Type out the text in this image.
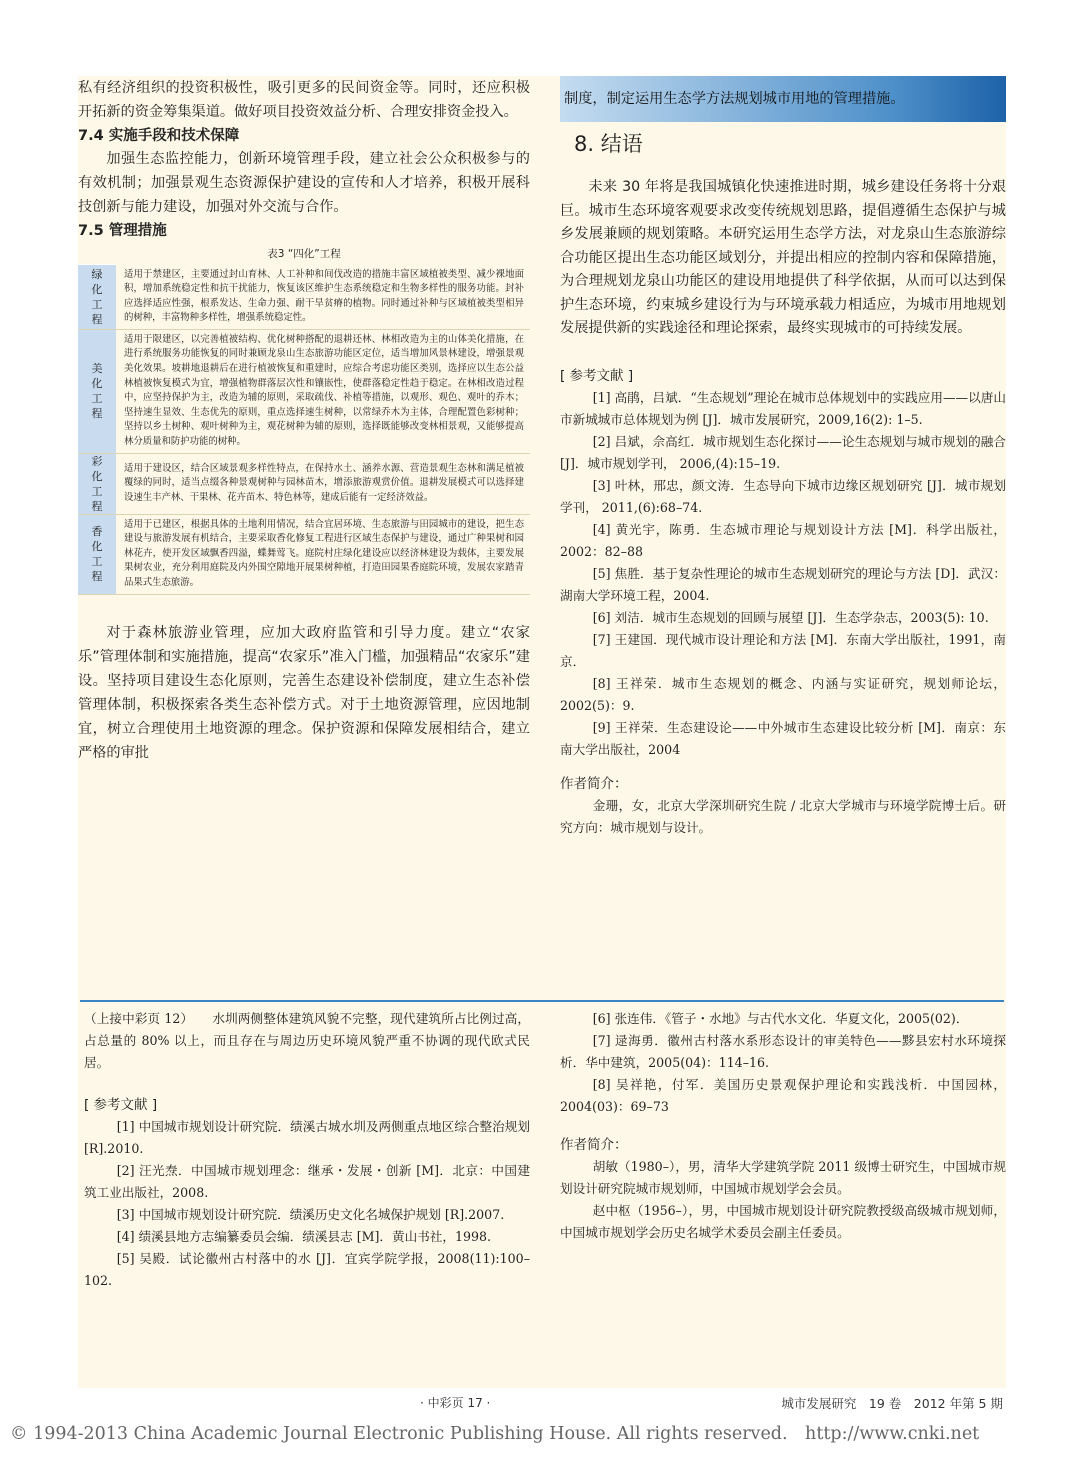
私有经济组织的投资积极性，吸引更多的民间资金等。同时，还应积极开拓新的资金筹集渠道。做好项目投资效益分析、合理安排资金投入。

7.4 实施手段和技术保障

加强生态监控能力，创新环境管理手段，建立社会公众积极参与的有效机制；加强景观生态资源保护建设的宣传和人才培养，积极开展科技创新与能力建设，加强对外交流与合作。

7.5 管理措施
表3 “四化”工程
绿化工程	适用于禁建区，主要通过封山育林、人工补种和间伐改造的措施丰富区域植被类型、减少裸地面积，增加系统稳定性和抗干扰能力，恢复该区维护生态系统稳定和生物多样性的服务功能。封补应选择适应性强，根系发达、生命力强、耐干旱贫瘠的植物。同时通过补种与区域植被类型相异的树种，丰富物种多样性，增强系统稳定性。

美化工程	适用于限建区，以完善植被结构、优化树种搭配的退耕还林、林相改造为主的山体美化措施，在进行系统服务功能恢复的同时兼顾龙泉山生态旅游功能区定位，适当增加风景林建设，增强景观美化效果。坡耕地退耕后在进行植被恢复和重建时，应综合考虑功能区类别，选择应以生态公益林植被恢复模式为宜，增强植物群落层次性和镶嵌性，使群落稳定性趋于稳定。在林相改造过程中，应坚持保护为主，改造为辅的原则，采取疏伐、补植等措施，以观形、观色、观叶的乔木；坚持速生显效、生态优先的原则，重点选择速生树种，以常绿乔木为主体，合理配置色彩树种；坚持以乡土树种、观叶树种为主，观花树种为辅的原则，选择既能够改变林相景观，又能够提高林分质量和防护功能的树种。

彩化工程	适用于建设区，结合区域景观多样性特点，在保持水土、涵养水源、营造景观生态林和满足植被覆绿的同时，适当点缀各种景观树种与园林苗木，增添旅游观赏价值。退耕发展模式可以选择建设速生丰产林、干果林、花卉苗木、特色林等，建成后能有一定经济效益。

香化工程	适用于已建区，根据具体的土地利用情况，结合宜居环境、生态旅游与田园城市的建设，把生态建设与旅游发展有机结合，主要采取香化修复工程进行区域生态保护与建设，通过广种果树和园林花卉，使开发区域飘香四溢，蝶舞莺飞。庭院村庄绿化建设应以经济林建设为载体，主要发展果树农业，充分利用庭院及内外围空隙地开展果树种植，打造田园果香庭院环境，发展农家踏青品果式生态旅游。

对于森林旅游业管理，应加大政府监管和引导力度。建立“农家乐”管理体制和实施措施，提高“农家乐”准入门槛，加强精品“农家乐”建设。坚持项目建设生态化原则，完善生态建设补偿制度，建立生态补偿管理体制，积极探索各类生态补偿方式。对于土地资源管理，应因地制宜，树立合理使用土地资源的理念。保护资源和保障发展相结合，建立严格的审批

制度，制定运用生态学方法规划城市用地的管理措施。
8. 结语

未来 30 年将是我国城镇化快速推进时期，城乡建设任务将十分艰巨。城市生态环境客观要求改变传统规划思路，提倡遵循生态保护与城乡发展兼顾的规划策略。本研究运用生态学方法，对龙泉山生态旅游综合功能区提出生态功能区域划分，并提出相应的控制内容和保障措施，为合理规划龙泉山功能区的建设用地提供了科学依据，从而可以达到保护生态环境，约束城乡建设行为与环境承载力相适应，为城市用地规划发展提供新的实践途径和理论探索，最终实现城市的可持续发展。

[ 参考文献 ]

[1] 高鹃，吕斌．“生态规划”理论在城市总体规划中的实践应用——以唐山市新城城市总体规划为例 [J]．城市发展研究，2009,16(2): 1–5.

[2] 吕斌，佘高红．城市规划生态化探讨——论生态规划与城市规划的融合 [J]．城市规划学刊， 2006,(4):15–19.

[3] 叶林，邢忠，颜文涛．生态导向下城市边缘区规划研究 [J]．城市规划学刊， 2011,(6):68–74.

[4] 黄光宇，陈勇．生态城市理论与规划设计方法 [M]．科学出版社，2002：82–88

[5] 焦胜．基于复杂性理论的城市生态规划研究的理论与方法 [D]．武汉：湖南大学环境工程，2004.

[6] 刘洁．城市生态规划的回顾与展望 [J]．生态学杂志，2003(5): 10.

[7] 王建国．现代城市设计理论和方法 [M]．东南大学出版社，1991，南京．

[8] 王祥荣．城市生态规划的概念、内涵与实证研究，规划师论坛，2002(5)：9.

[9] 王祥荣．生态建设论——中外城市生态建设比较分析 [M]．南京：东南大学出版社，2004

作者简介：

金珊，女，北京大学深圳研究生院 / 北京大学城市与环境学院博士后。研究方向：城市规划与设计。

（上接中彩页 12）　　水圳两侧整体建筑风貌不完整，现代建筑所占比例过高，占总量的 80% 以上，而且存在与周边历史环境风貌严重不协调的现代欧式民居。

[ 参考文献 ]

[1] 中国城市规划设计研究院．绩溪古城水圳及两侧重点地区综合整治规划 [R].2010.

[2] 汪光焘．中国城市规划理念：继承・发展・创新 [M]．北京：中国建筑工业出版社，2008.

[3] 中国城市规划设计研究院．绩溪历史文化名城保护规划 [R].2007.

[4] 绩溪县地方志编纂委员会编．绩溪县志 [M]．黄山书社，1998.

[5] 吴殿．试论徽州古村落中的水 [J]．宜宾学院学报，2008(11):100–102.

[6] 张连伟．《管子・水地》与古代水文化．华夏文化，2005(02)．

[7] 逯海勇．徽州古村落水系形态设计的审美特色——黟县宏村水环境探析．华中建筑，2005(04)：114–16.

[8] 吴祥艳，付军．美国历史景观保护理论和实践浅析．中国园林，2004(03)：69–73

作者简介：

胡敏（1980–），男，清华大学建筑学院 2011 级博士研究生，中国城市规划设计研究院城市规划师，中国城市规划学会会员。

赵中枢（1956–），男，中国城市规划设计研究院教授级高级城市规划师，中国城市规划学会历史名城学术委员会副主任委员。

· 中彩页 17 ·	城市发展研究　19 卷　2012 年第 5 期
© 1994-2013 China Academic Journal Electronic Publishing House. All rights reserved.　http://www.cnki.net
